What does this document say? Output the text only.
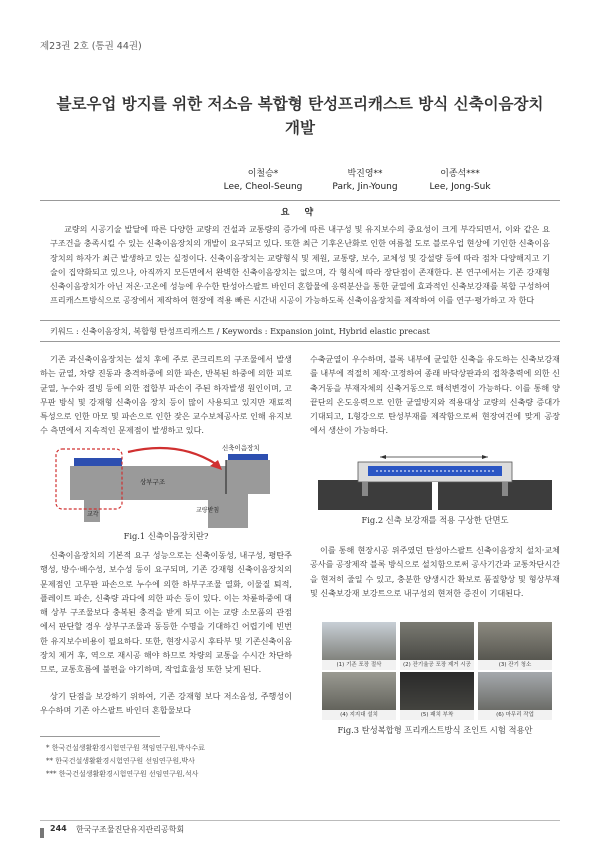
제23권 2호 (통권 44권)
블로우업 방지를 위한 저소음 복합형 탄성프리캐스트 방식 신축이음장치
개발
이철승*
Lee, Cheol-Seung
박진영**
Park, Jin-Young
이종석***
Lee, Jong-Suk
요 약
교량의 시공기술 발달에 따른 다양한 교량의 건설과 교통량의 증가에 따른 내구성 및 유지보수의 중요성이 크게 부각되면서, 이와 같은 요구조건을 충족시킬 수 있는 신축이음장치의 개발이 요구되고 있다. 또한 최근 기후온난화로 인한 여름철 도로 블로우업 현상에 기인한 신축이음장치의 하자가 최근 발생하고 있는 실정이다. 신축이음장치는 교량형식 및 제원, 교통량, 보수, 교체성 및 강설량 등에 따라 점차 다양해지고 기술이 집약화되고 있으나, 아직까지 모든면에서 완벽한 신축이음장치는 없으며, 각 형식에 따라 장단점이 존재한다. 본 연구에서는 기존 강재형 신축이음장치가 아닌 저온·고온에 성능에 우수한 탄성아스팔트 바인더 혼합물에 응력분산을 통한 균열에 효과적인 신축보강재를 복합 구성하여 프리캐스트방식으로 공장에서 제작하여 현장에 적용 빠른 시간내 시공이 가능하도록 신축이음장치를 제작하여 이를 연구·평가하고 자 한다
키워드 : 신축이음장치, 복합형 탄성프리캐스트 / Keywords : Expansion joint, Hybrid elastic precast
기존 과신축이음장치는 설치 후에 주로 콘크리트의 구조물에서 발생하는 균열, 차량 진동과 충격하중에 의한 파손, 반복된 하중에 의한 피로균열, 누수와 결빙 등에 의한 접합부 파손이 주된 하자발생 원인이며, 고무판 방식 및 강재형 신축이음 장치 등이 많이 사용되고 있지만 재료적 특성으로 인한 마모 및 파손으로 인한 잦은 교수보체공사로 인해 유지보수 측면에서 지속적인 문제점이 발생하고 있다.
상부구조
신축이음장치
교각
교량받침
Fig.1 신축이음장치란?
신축이음장치의 기본적 요구 성능으로는 신축이동성, 내구성, 평탄주행성, 방수·배수성, 보수성 등이 요구되며, 기존 강재형 신축이음장치의 문제점인 고무판 파손으로 누수에 의한 하부구조물 열화, 이물질 퇴적, 플레이트 파손, 신축량 과다에 의한 파손 등이 있다. 이는 차륜하중에 대해 상부 구조물보다 충복된 충격을 받게 되고 이는 교량 소모품의 관점에서 판단할 경우 상부구조물과 동등한 수명을 기대하긴 어렵기에 빈번한 유지보수비용이 필요하다. 또한, 현장시공시 후타부 및 기존신축이음장치 제거 후, 역으로 재시공 해야 하므로 차량의 교통을 수시간 차단하므로, 교통흐름에 불편을 야기하며, 작업효율성 또한 낮게 된다.
상기 단점을 보강하기 위하여, 기존 강재형 보다 저소음성, 주행성이 우수하며 기존 아스팔트 바인더 혼합물보다
수축균열이 우수하며, 블록 내부에 균일한 신축을 유도하는 신축보강재를 내부에 적절히 제작·고정하여 종래 바닥상판과의 접착충력에 의한 신축거동을 부재자체의 신축거동으로 해석변경이 가능하다. 이를 통해 양 끝단의 온도응력으로 인한 균열방지와 적용대상 교량의 신축량 증대가 기대되고, L형강으로 탄성부재를 제작함으로써 현장여건에 맞게 공장에서 생산이 가능하다.
Fig.2 신축 보강재를 적용 구상한 단면도
이를 통해 현장시공 위주였던 탄성아스팔트 신축이음장치 설치·교체공사를 공장제작 블록 방식으로 설치함으로써 공사기간과 교통차단시간을 현저히 줄일 수 있고, 충분한 양생시간 확보로 품질향상 및 형상부재 및 신축보강재 보강트으로 내구성의 현저한 증진이 기대된다.
(1) 기존 포장 절삭	(2) 잔기율공 포장 제거 시공	(3) 잔기 청소
(4) 지지대 설치	(5) 패치 부착	(6) 마무리 작업
Fig.3 탄성복합형 프리캐스트방식 조인트 시험 적용안
* 한국건설생활환경시험연구원 책임연구원,박사수료
** 한국건설생활환경시험연구원 선임연구원,박사
*** 한국건설생활환경시험연구원 선임연구원,석사
244 한국구조물진단유지관리공학회
